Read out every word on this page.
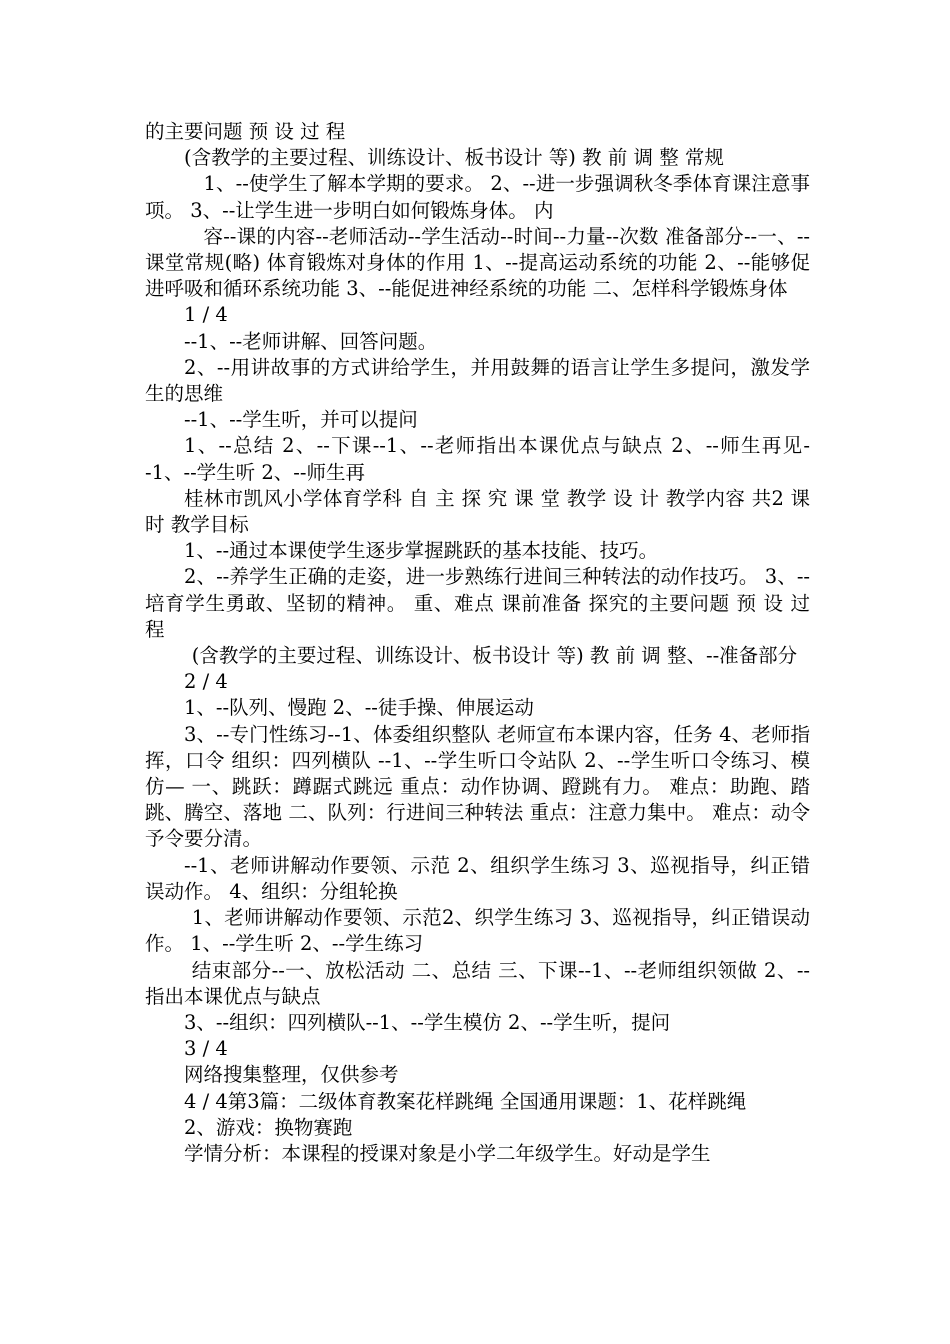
的主要问题 预 设 过 程

(含教学的主要过程、训练设计、板书设计 等) 教 前 调 整 常规

1、--使学生了解本学期的要求。 2、--进一步强调秋冬季体育课注意事项。 3、--让学生进一步明白如何锻炼身体。 内

容--课的内容--老师活动--学生活动--时间--力量--次数 准备部分--一、--课堂常规(略) 体育锻炼对身体的作用 1、--提高运动系统的功能 2、--能够促进呼吸和循环系统功能 3、--能促进神经系统的功能 二、怎样科学锻炼身体

1 / 4

--1、--老师讲解、回答问题。

2、--用讲故事的方式讲给学生，并用鼓舞的语言让学生多提问，激发学生的思维

--1、--学生听，并可以提问

1、--总结 2、--下课--1、--老师指出本课优点与缺点 2、--师生再见--1、--学生听 2、--师生再

桂林市凯风小学体育学科 自 主 探 究 课 堂 教学 设 计 教学内容 共2 课时 教学目标

1、--通过本课使学生逐步掌握跳跃的基本技能、技巧。

2、--养学生正确的走姿，进一步熟练行进间三种转法的动作技巧。 3、--培育学生勇敢、坚韧的精神。 重、难点 课前准备 探究的主要问题 预 设 过 程

(含教学的主要过程、训练设计、板书设计 等) 教 前 调 整、--准备部分

2 / 4

1、--队列、慢跑 2、--徒手操、伸展运动

3、--专门性练习--1、体委组织整队 老师宣布本课内容，任务 4、老师指挥，口令 组织：四列横队 --1、--学生听口令站队 2、--学生听口令练习、模仿— 一、跳跃：蹲踞式跳远 重点：动作协调、蹬跳有力。 难点：助跑、踏跳、腾空、落地 二、队列：行进间三种转法 重点：注意力集中。 难点：动令予令要分清。

--1、老师讲解动作要领、示范 2、组织学生练习 3、巡视指导，纠正错误动作。 4、组织：分组轮换

1、老师讲解动作要领、示范2、织学生练习 3、巡视指导，纠正错误动作。 1、--学生听 2、--学生练习

结束部分--一、放松活动 二、总结 三、下课--1、--老师组织领做 2、--指出本课优点与缺点

3、--组织：四列横队--1、--学生模仿 2、--学生听，提问

3 / 4

网络搜集整理，仅供参考

4 / 4第3篇：二级体育教案花样跳绳 全国通用课题：1、花样跳绳

2、游戏：换物赛跑

学情分析：本课程的授课对象是小学二年级学生。好动是学生
